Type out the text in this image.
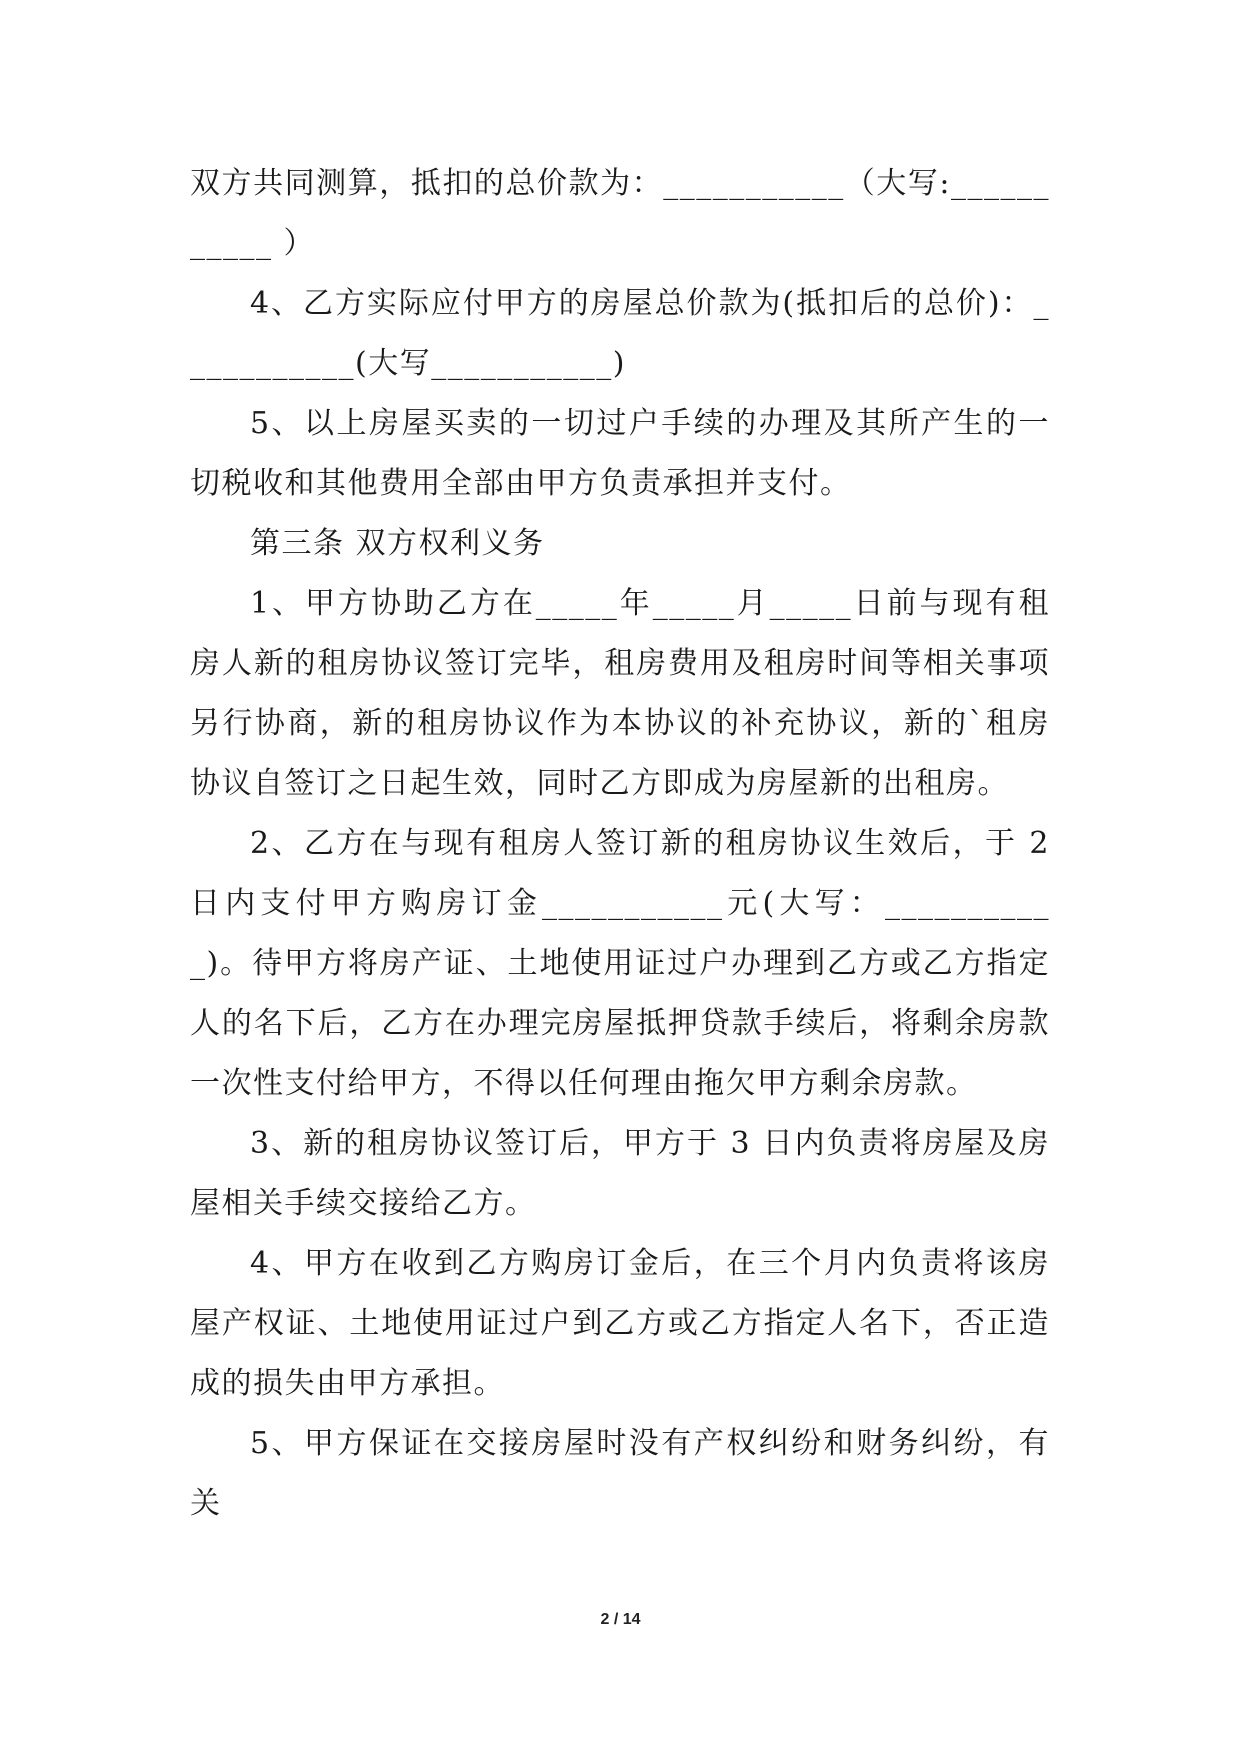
双方共同测算，抵扣的总价款为：___________（大写:___________ ）

4、乙方实际应付甲方的房屋总价款为(抵扣后的总价)：___________(大写___________)

5、以上房屋买卖的一切过户手续的办理及其所产生的一切税收和其他费用全部由甲方负责承担并支付。

第三条 双方权利义务

1、甲方协助乙方在_____年_____月_____日前与现有租房人新的租房协议签订完毕，租房费用及租房时间等相关事项另行协商，新的租房协议作为本协议的补充协议，新的`租房协议自签订之日起生效，同时乙方即成为房屋新的出租房。

2、乙方在与现有租房人签订新的租房协议生效后，于 2 日内支付甲方购房订金___________元(大写：___________)。待甲方将房产证、土地使用证过户办理到乙方或乙方指定人的名下后，乙方在办理完房屋抵押贷款手续后，将剩余房款一次性支付给甲方，不得以任何理由拖欠甲方剩余房款。

3、新的租房协议签订后，甲方于 3 日内负责将房屋及房屋相关手续交接给乙方。

4、甲方在收到乙方购房订金后，在三个月内负责将该房屋产权证、土地使用证过户到乙方或乙方指定人名下，否正造成的损失由甲方承担。

5、甲方保证在交接房屋时没有产权纠纷和财务纠纷，有关

2 / 14
